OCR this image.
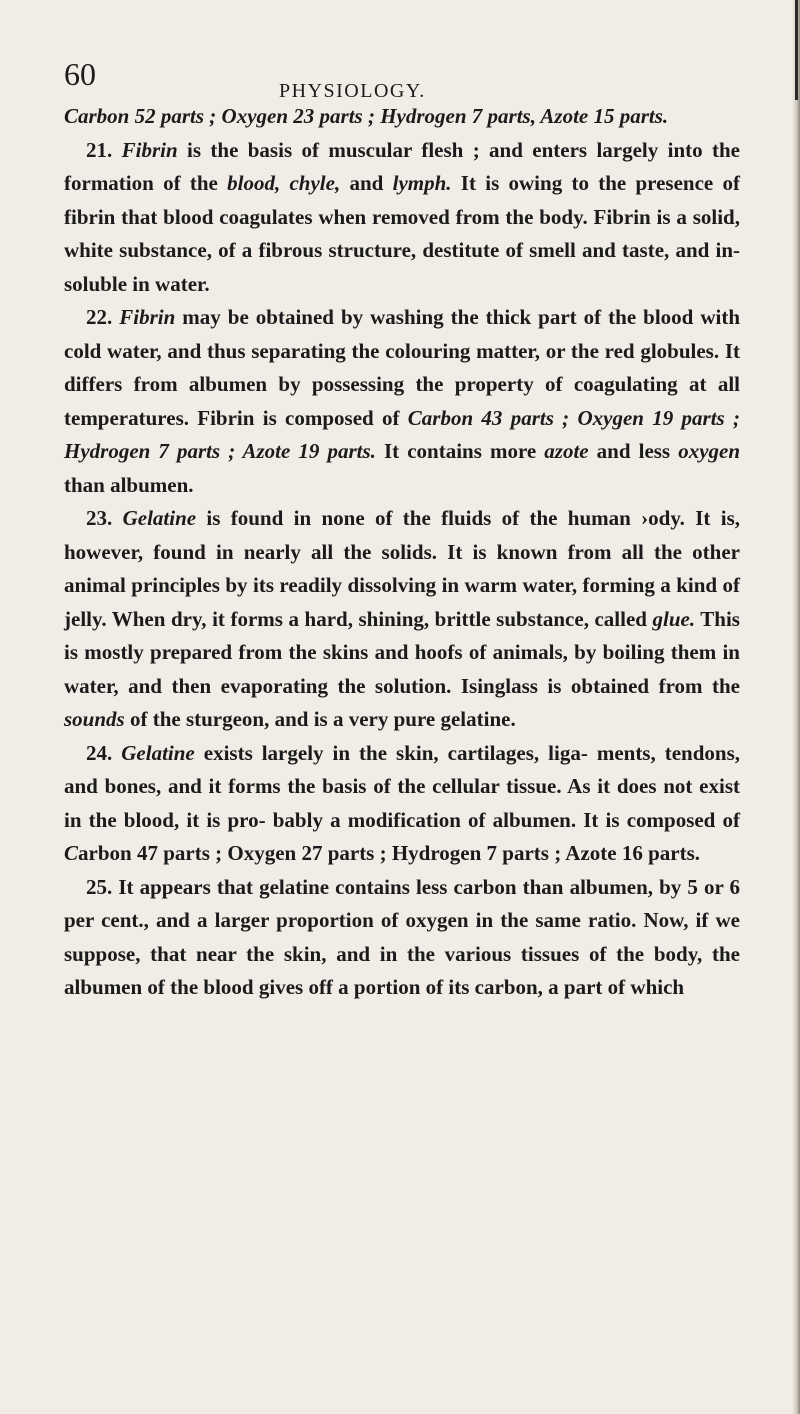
60	PHYSIOLOGY.

Carbon 52 parts ; Oxygen 23 parts ; Hydrogen 7 parts, Azote 15 parts.

21. Fibrin is the basis of muscular flesh ; and enters largely into the formation of the blood, chyle, and lymph. It is owing to the presence of fibrin that blood coagulates when removed from the body. Fibrin is a solid, white substance, of a fibrous structure, destitute of smell and taste, and in- soluble in water.

22. Fibrin may be obtained by washing the thick part of the blood with cold water, and thus separating the colouring matter, or the red globules. It differs from albumen by possessing the property of coagulating at all temperatures. Fibrin is composed of Carbon 43 parts ; Oxygen 19 parts ; Hydrogen 7 parts ; Azote 19 parts. It contains more azote and less oxygen than albumen.

23. Gelatine is found in none of the fluids of the human ›ody. It is, however, found in nearly all the solids. It is known from all the other animal principles by its readily dissolving in warm water, forming a kind of jelly. When dry, it forms a hard, shining, brittle substance, called glue. This is mostly prepared from the skins and hoofs of animals, by boiling them in water, and then evaporating the solution. Isinglass is obtained from the sounds of the sturgeon, and is a very pure gelatine.

24. Gelatine exists largely in the skin, cartilages, liga- ments, tendons, and bones, and it forms the basis of the cellular tissue. As it does not exist in the blood, it is pro- bably a modification of albumen. It is composed of Carbon 47 parts ; Oxygen 27 parts ; Hydrogen 7 parts ; Azote 16 parts.

25. It appears that gelatine contains less carbon than albumen, by 5 or 6 per cent., and a larger proportion of oxygen in the same ratio. Now, if we suppose, that near the skin, and in the various tissues of the body, the albumen of the blood gives off a portion of its carbon, a part of which
